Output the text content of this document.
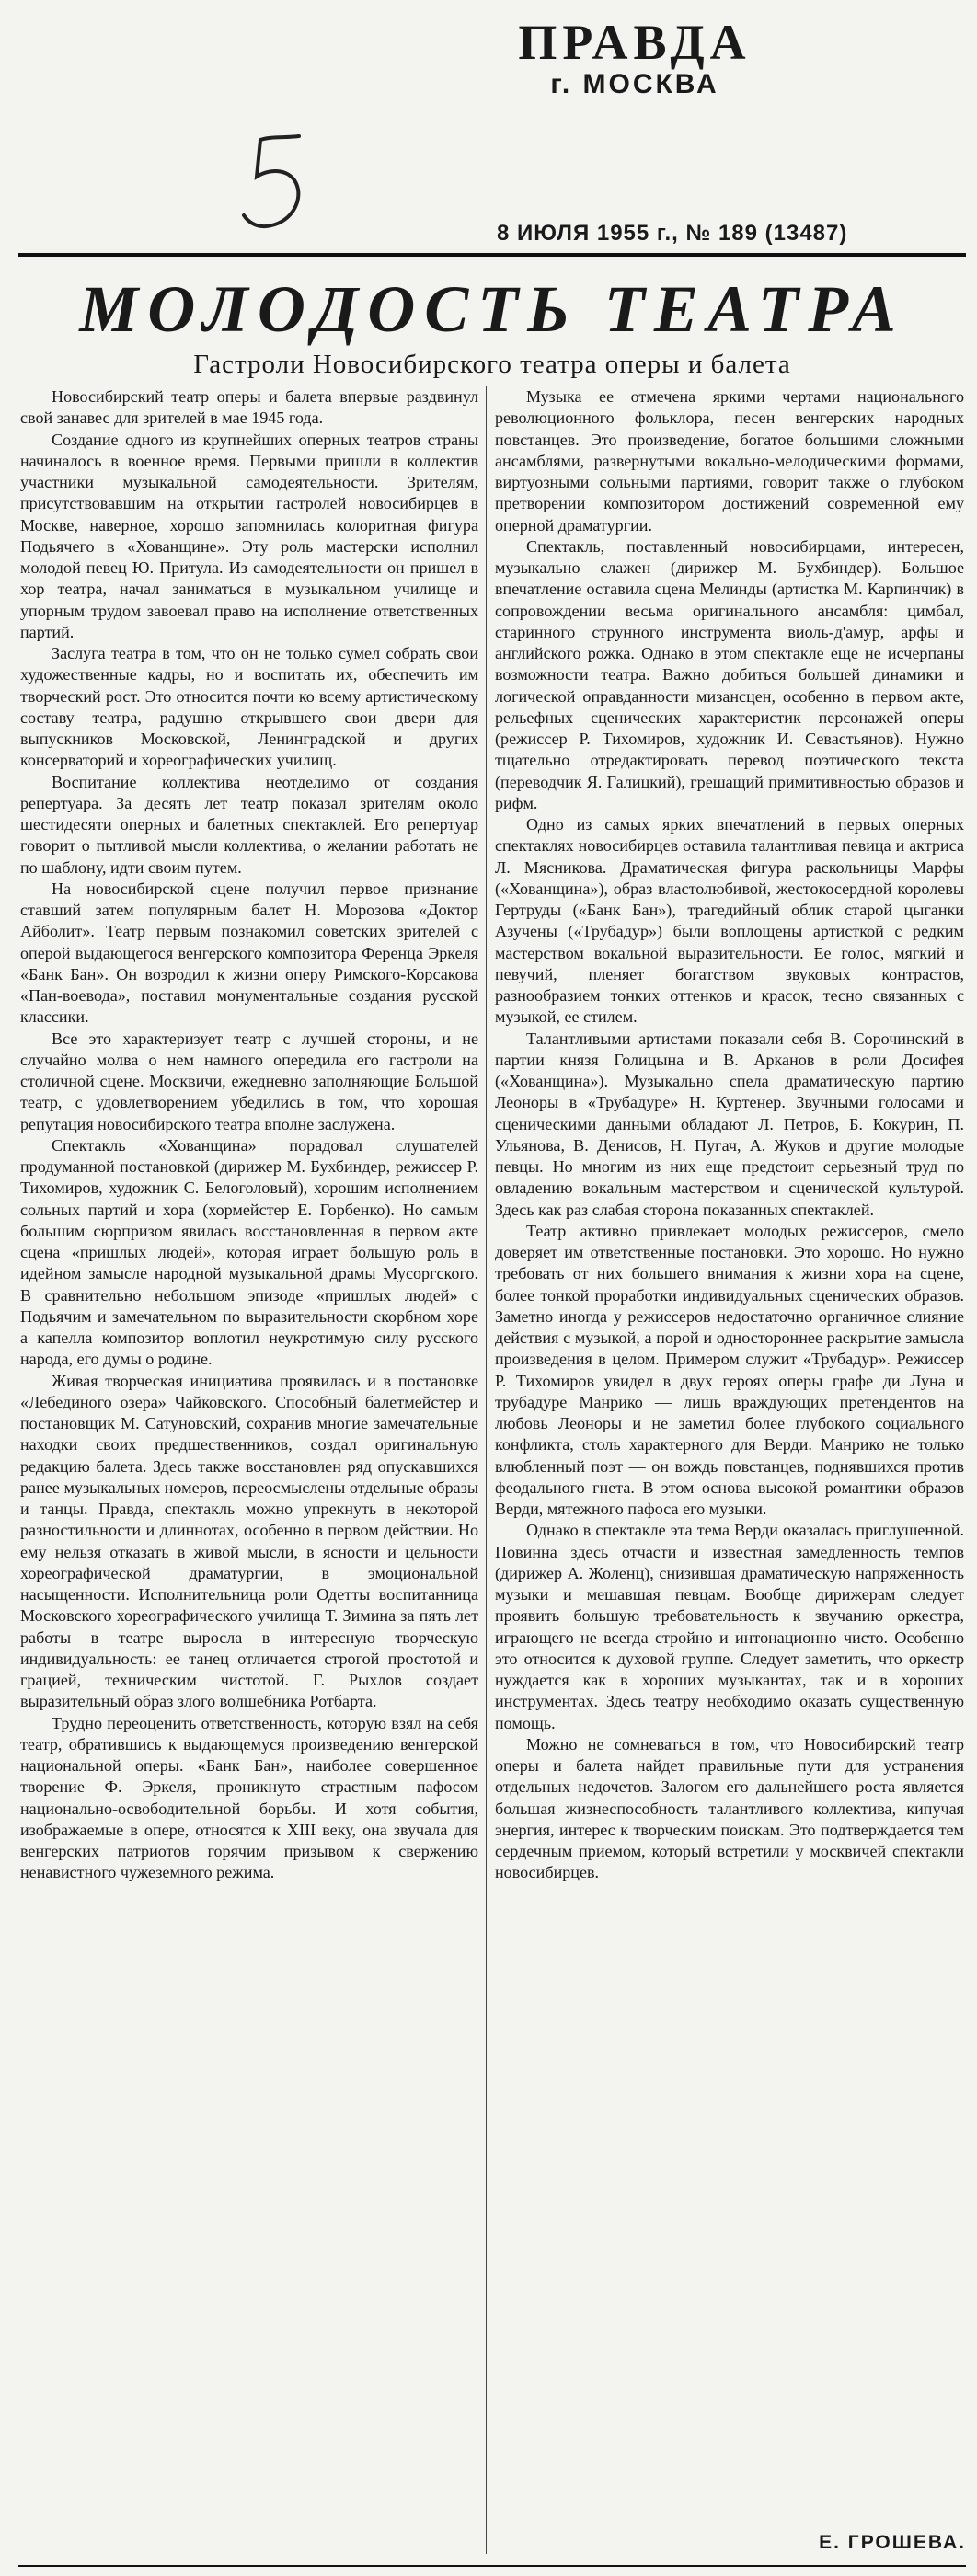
ПРАВДА
г. МОСКВА
8 ИЮЛЯ 1955 г., № 189 (13487)
МОЛОДОСТЬ ТЕАТРА
Гастроли Новосибирского театра оперы и балета

Новосибирский театр оперы и балета впервые раздвинул свой занавес для зрителей в мае 1945 года.

Создание одного из крупнейших оперных театров страны начиналось в военное время. Первыми пришли в коллектив участники музыкальной самодеятельности. Зрителям, присутствовавшим на открытии гастролей новосибирцев в Москве, наверное, хорошо запомнилась колоритная фигура Подьячего в «Хованщине». Эту роль мастерски исполнил молодой певец Ю. Притула. Из самодеятельности он пришел в хор театра, начал заниматься в музыкальном училище и упорным трудом завоевал право на исполнение ответственных партий.

Заслуга театра в том, что он не только сумел собрать свои художественные кадры, но и воспитать их, обеспечить им творческий рост. Это относится почти ко всему артистическому составу театра, радушно открывшего свои двери для выпускников Московской, Ленинградской и других консерваторий и хореографических училищ.

Воспитание коллектива неотделимо от создания репертуара. За десять лет театр показал зрителям около шестидесяти оперных и балетных спектаклей. Его репертуар говорит о пытливой мысли коллектива, о желании работать не по шаблону, идти своим путем.

На новосибирской сцене получил первое признание ставший затем популярным балет Н. Морозова «Доктор Айболит». Театр первым познакомил советских зрителей с оперой выдающегося венгерского композитора Ференца Эркеля «Банк Бан». Он возродил к жизни оперу Римского-Корсакова «Пан-воевода», поставил монументальные создания русской классики.

Все это характеризует театр с лучшей стороны, и не случайно молва о нем намного опередила его гастроли на столичной сцене. Москвичи, ежедневно заполняющие Большой театр, с удовлетворением убедились в том, что хорошая репутация новосибирского театра вполне заслужена.

Спектакль «Хованщина» порадовал слушателей продуманной постановкой (дирижер М. Бухбиндер, режиссер Р. Тихомиров, художник С. Белоголовый), хорошим исполнением сольных партий и хора (хормейстер Е. Горбенко). Но самым большим сюрпризом явилась восстановленная в первом акте сцена «пришлых людей», которая играет большую роль в идейном замысле народной музыкальной драмы Мусоргского. В сравнительно небольшом эпизоде «пришлых людей» с Подьячим и замечательном по выразительности скорбном хоре а капелла композитор воплотил неукротимую силу русского народа, его думы о родине.

Живая творческая инициатива проявилась и в постановке «Лебединого озера» Чайковского. Способный балетмейстер и постановщик М. Сатуновский, сохранив многие замечательные находки своих предшественников, создал оригинальную редакцию балета. Здесь также восстановлен ряд опускавшихся ранее музыкальных номеров, переосмыслены отдельные образы и танцы. Правда, спектакль можно упрекнуть в некоторой разностильности и длиннотах, особенно в первом действии. Но ему нельзя отказать в живой мысли, в ясности и цельности хореографической драматургии, в эмоциональной насыщенности. Исполнительница роли Одетты воспитанница Московского хореографического училища Т. Зимина за пять лет работы в театре выросла в интересную творческую индивидуальность: ее танец отличается строгой простотой и грацией, техническим чистотой. Г. Рыхлов создает выразительный образ злого волшебника Ротбарта.

Трудно переоценить ответственность, которую взял на себя театр, обратившись к выдающемуся произведению венгерской национальной оперы. «Банк Бан», наиболее совершенное творение Ф. Эркеля, проникнуто страстным пафосом национально-освободительной борьбы. И хотя события, изображаемые в опере, относятся к XIII веку, она звучала для венгерских патриотов горячим призывом к свержению ненавистного чужеземного режима.

Музыка ее отмечена яркими чертами национального революционного фольклора, песен венгерских народных повстанцев. Это произведение, богатое большими сложными ансамблями, развернутыми вокально-мелодическими формами, виртуозными сольными партиями, говорит также о глубоком претворении композитором достижений современной ему оперной драматургии.

Спектакль, поставленный новосибирцами, интересен, музыкально слажен (дирижер М. Бухбиндер). Большое впечатление оставила сцена Мелинды (артистка М. Карпинчик) в сопровождении весьма оригинального ансамбля: цимбал, старинного струнного инструмента виоль-д'амур, арфы и английского рожка. Однако в этом спектакле еще не исчерпаны возможности театра. Важно добиться большей динамики и логической оправданности мизансцен, особенно в первом акте, рельефных сценических характеристик персонажей оперы (режиссер Р. Тихомиров, художник И. Севастьянов). Нужно тщательно отредактировать перевод поэтического текста (переводчик Я. Галицкий), грешащий примитивностью образов и рифм.

Одно из самых ярких впечатлений в первых оперных спектаклях новосибирцев оставила талантливая певица и актриса Л. Мясникова. Драматическая фигура раскольницы Марфы («Хованщина»), образ властолюбивой, жестокосердной королевы Гертруды («Банк Бан»), трагедийный облик старой цыганки Азучены («Трубадур») были воплощены артисткой с редким мастерством вокальной выразительности. Ее голос, мягкий и певучий, пленяет богатством звуковых контрастов, разнообразием тонких оттенков и красок, тесно связанных с музыкой, ее стилем.

Талантливыми артистами показали себя В. Сорочинский в партии князя Голицына и В. Арканов в роли Досифея («Хованщина»). Музыкально спела драматическую партию Леоноры в «Трубадуре» Н. Куртенер. Звучными голосами и сценическими данными обладают Л. Петров, Б. Кокурин, П. Ульянова, В. Денисов, Н. Пугач, А. Жуков и другие молодые певцы. Но многим из них еще предстоит серьезный труд по овладению вокальным мастерством и сценической культурой. Здесь как раз слабая сторона показанных спектаклей.

Театр активно привлекает молодых режиссеров, смело доверяет им ответственные постановки. Это хорошо. Но нужно требовать от них большего внимания к жизни хора на сцене, более тонкой проработки индивидуальных сценических образов. Заметно иногда у режиссеров недостаточно органичное слияние действия с музыкой, а порой и одностороннее раскрытие замысла произведения в целом. Примером служит «Трубадур». Режиссер Р. Тихомиров увидел в двух героях оперы графе ди Луна и трубадуре Манрико — лишь враждующих претендентов на любовь Леоноры и не заметил более глубокого социального конфликта, столь характерного для Верди. Манрико не только влюбленный поэт — он вождь повстанцев, поднявшихся против феодального гнета. В этом основа высокой романтики образов Верди, мятежного пафоса его музыки.

Однако в спектакле эта тема Верди оказалась приглушенной. Повинна здесь отчасти и известная замедленность темпов (дирижер А. Жоленц), снизившая драматическую напряженность музыки и мешавшая певцам. Вообще дирижерам следует проявить большую требовательность к звучанию оркестра, играющего не всегда стройно и интонационно чисто. Особенно это относится к духовой группе. Следует заметить, что оркестр нуждается как в хороших музыкантах, так и в хороших инструментах. Здесь театру необходимо оказать существенную помощь.

Можно не сомневаться в том, что Новосибирский театр оперы и балета найдет правильные пути для устранения отдельных недочетов. Залогом его дальнейшего роста является большая жизнеспособность талантливого коллектива, кипучая энергия, интерес к творческим поискам. Это подтверждается тем сердечным приемом, который встретили у москвичей спектакли новосибирцев.

Е. ГРОШЕВА.
